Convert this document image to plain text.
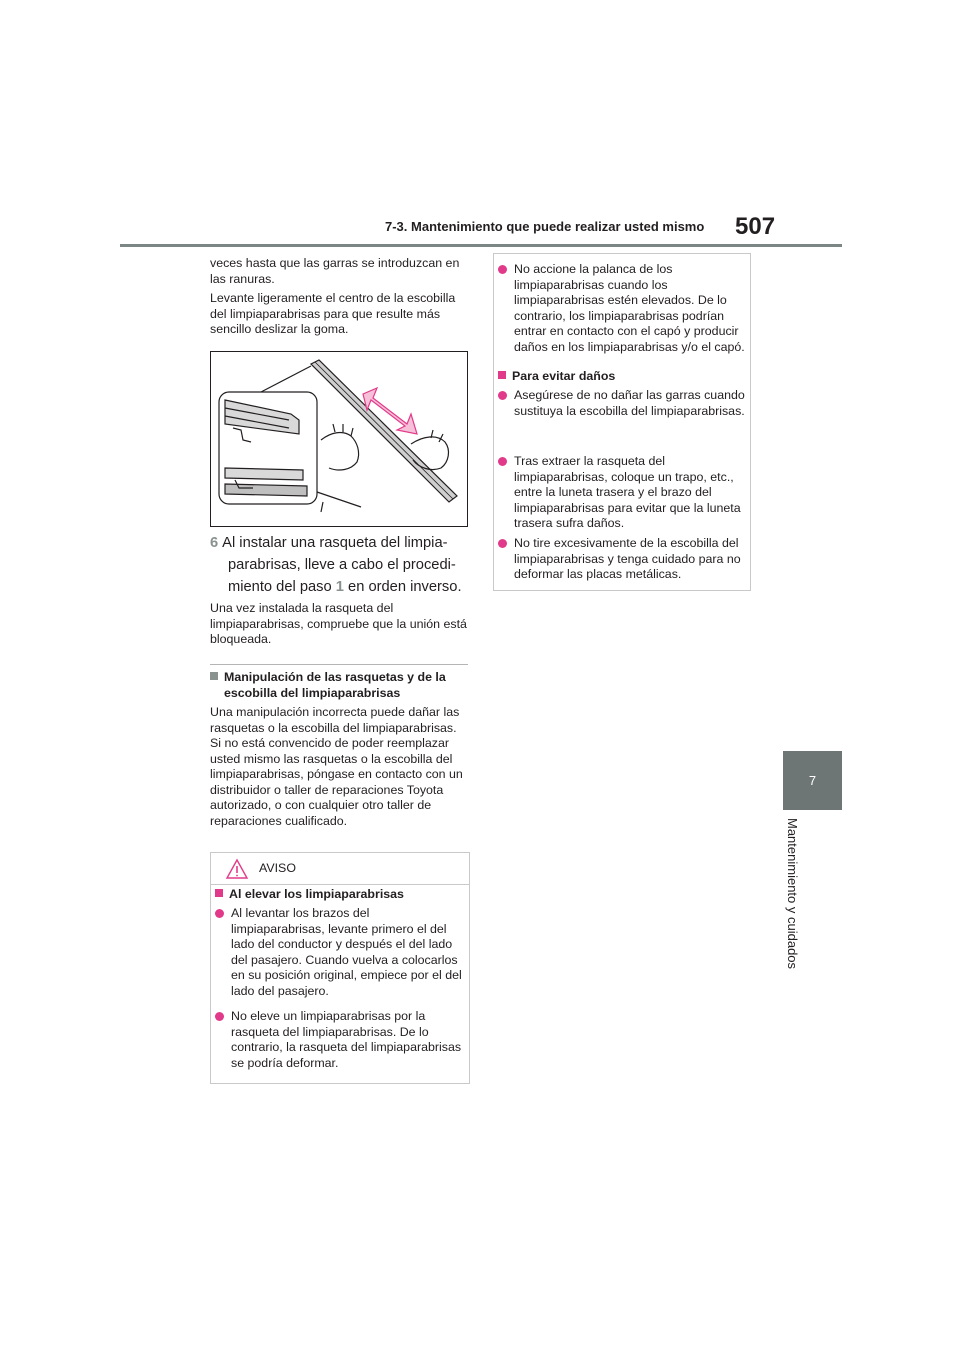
7-3. Mantenimiento que puede realizar usted mismo	507
7
Mantenimiento y cuidados

veces hasta que las garras se introduzcan en las ranuras.

Levante ligeramente el centro de la escobilla del limpiaparabrisas para que resulte más sencillo deslizar la goma.

6 Al instalar una rasqueta del limpia-
parabrisas, lleve a cabo el procedi-
miento del paso 1 en orden inverso.

Una vez instalada la rasqueta del limpiaparabrisas, compruebe que la unión está bloqueada.

Manipulación de las rasquetas y de la
escobilla del limpiaparabrisas

Una manipulación incorrecta puede dañar las rasquetas o la escobilla del limpiaparabrisas. Si no está convencido de poder reemplazar usted mismo las rasquetas o la escobilla del limpiaparabrisas, póngase en contacto con un distribuidor o taller de reparaciones Toyota autorizado, o con cualquier otro taller de reparaciones cualificado.

AVISO
Al elevar los limpiaparabrisas
Al levantar los brazos del limpiaparabrisas, levante primero el del lado del conductor y después el del lado del pasajero. Cuando vuelva a colocarlos en su posición original, empiece por el del lado del pasajero.
No eleve un limpiaparabrisas por la rasqueta del limpiaparabrisas. De lo contrario, la rasqueta del limpiaparabrisas se podría deformar.
No accione la palanca de los limpiaparabrisas cuando los limpiaparabrisas estén elevados. De lo contrario, los limpiaparabrisas podrían entrar en contacto con el capó y producir daños en los limpiaparabrisas y/o el capó.
Para evitar daños
Asegúrese de no dañar las garras cuando sustituya la escobilla del limpiaparabrisas.
Tras extraer la rasqueta del limpiaparabrisas, coloque un trapo, etc., entre la luneta trasera y el brazo del limpiaparabrisas para evitar que la luneta trasera sufra daños.
No tire excesivamente de la escobilla del limpiaparabrisas y tenga cuidado para no deformar las placas metálicas.
